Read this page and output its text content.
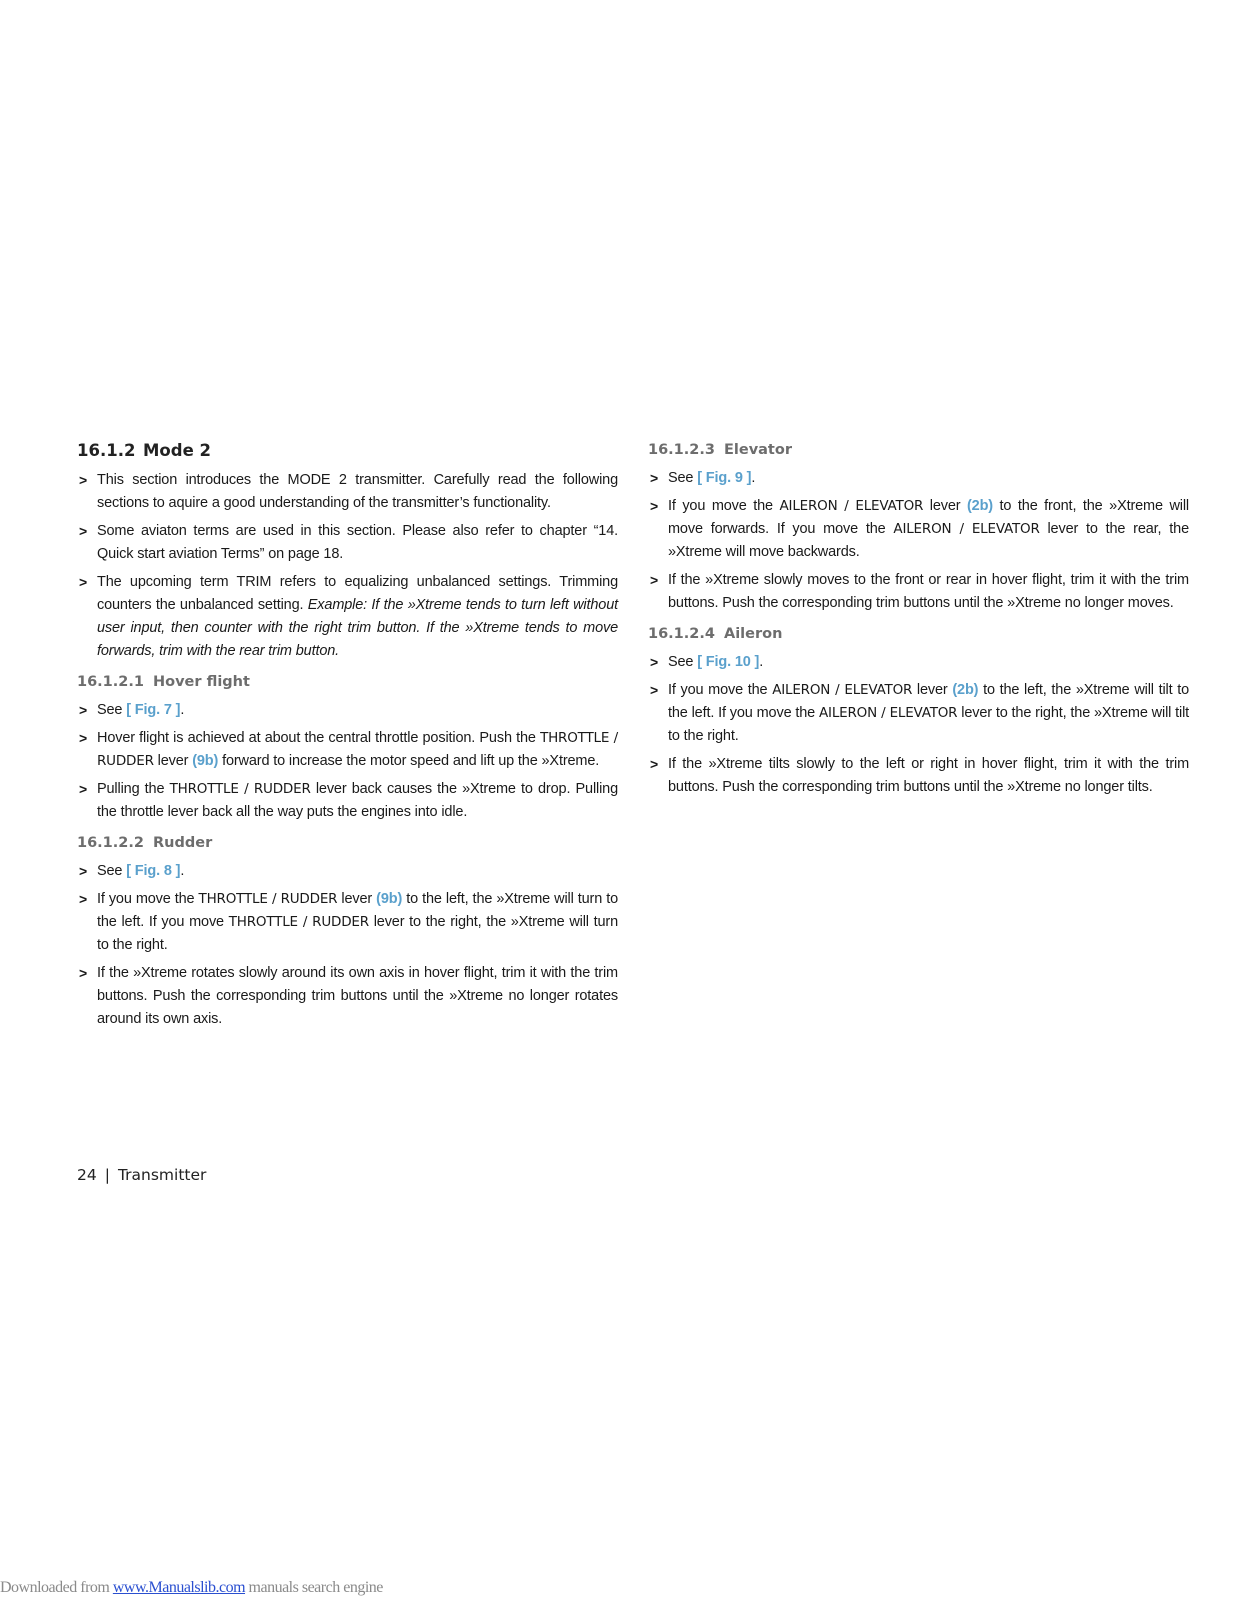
16.1.2 Mode 2
> This section introduces the MODE 2 transmitter. Carefully read the following sections to aquire a good understanding of the transmitter’s functionality.
> Some aviaton terms are used in this section. Please also refer to chapter “14. Quick start aviation Terms” on page 18.
> The upcoming term TRIM refers to equalizing unbalanced settings. Trimming counters the unbalanced setting. Example: If the »Xtreme tends to turn left without user input, then counter with the right trim button. If the »Xtreme tends to move forwards, trim with the rear trim button.
16.1.2.1 Hover flight
> See [ Fig. 7 ].
> Hover flight is achieved at about the central throttle position. Push the THROTTLE / RUDDER lever (9b) forward to increase the motor speed and lift up the »Xtreme.
> Pulling the THROTTLE / RUDDER lever back causes the »Xtreme to drop. Pulling the throttle lever back all the way puts the engines into idle.
16.1.2.2 Rudder
> See [ Fig. 8 ].
> If you move the THROTTLE / RUDDER lever (9b) to the left, the »Xtreme will turn to the left. If you move THROTTLE / RUDDER lever to the right, the »Xtreme will turn to the right.
> If the »Xtreme rotates slowly around its own axis in hover flight, trim it with the trim buttons. Push the corresponding trim buttons until the »Xtreme no longer rotates around its own axis.
16.1.2.3 Elevator
> See [ Fig. 9 ].
> If you move the AILERON / ELEVATOR lever (2b) to the front, the »Xtreme will move forwards. If you move the AILERON / ELEVATOR lever to the rear, the »Xtreme will move backwards.
> If the »Xtreme slowly moves to the front or rear in hover flight, trim it with the trim buttons. Push the corresponding trim buttons until the »Xtreme no longer moves.
16.1.2.4 Aileron
> See [ Fig. 10 ].
> If you move the AILERON / ELEVATOR lever (2b) to the left, the »Xtreme will tilt to the left. If you move the AILERON / ELEVATOR lever to the right, the »Xtreme will tilt to the right.
> If the »Xtreme tilts slowly to the left or right in hover flight, trim it with the trim buttons. Push the corresponding trim buttons until the »Xtreme no longer tilts.
24 | Transmitter
Downloaded from www.Manualslib.com manuals search engine
